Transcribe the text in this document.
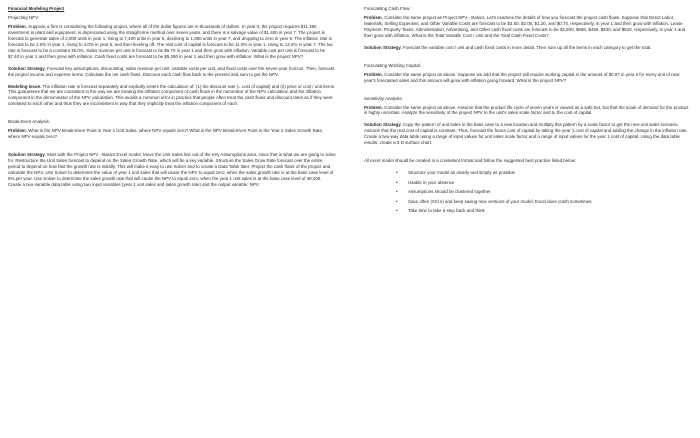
Financial Modeling Project

Projecting NPV:

Problem. Suppose a firm is considering the following project, where all of the dollar figures are in thousands of dollars. In year 0, the project requires $11,350 investment in plant and equipment, is depreciated using the straight-line method over seven years, and there is a salvage value of $1,400 in year 7. The project is forecast to generate sales of 2,000 units in year 1, rising to 7,400 units in year 5, declining to 1,800 units in year 7, and dropping to zero in year 8. The inflation rate is forecast to be 2.0% in year 1, rising to 4.0% in year 5, and then leveling off. The real cost of capital is forecast to be 11.0% in year 1, rising to 12.2% in year 7. The tax rate is forecast to be a constant 35.0%. Sales revenue per unit is forecast to be $9.70 in year 1 and then grow with inflation. Variable cost per unit is forecast to be $7.40 in year 1 and then grow with inflation. Cash fixed costs are forecast to be $5,280 in year 1 and then grow with inflation. What is the project NPV?

Solution Strategy. Forecast key assumptions, discounting, sales revenue per unit, variable costs per unit, and fixed costs over the seven-year horizon. Then, forecast the project income and expense items. Calculate the net cash flows. Discount each cash flow back to the present and sum to get the NPV.

Modeling Issue. The inflation rate is forecast separately and explicitly enters the calculation of: (1) the discount rate (= cost of capital) and (2) price or cost / unit items. This guarantees that we are consistent in the way we are treating the inflation component of cash flows in the numerator of the NPV calculation and the inflation component in the denominator of the NPV calculation. This avoids a common error in practice that people often treat the cash flows and discount rates as if they were unrelated to each other and thus they are inconsistent in way that they implicitly treat the inflation component of each.

Break-Even Analysis:

Problem. What is the NPV Break-Even Point in Year 1 Unit Sales, where NPV equals zero? What is the NPV Break-Even Point in the Year 2 Sales Growth Rate, where NPV equals zero?

Solution Strategy. Start with the Project NPV - Basics Excel model. Move the Unit Sales line out of the Key Assumptions area, since that is what we are going to solve for. Restructure the Unit Sales forecast to depend on the Sales Growth Rate, which will be a key variable. Structure the Sales Grow Rate forecast over the entire period to depend on how fast the growth rate is initially. This will make it easy to use Solver and to create a Data Table later. Project the cash flows of the project and calculate the NPV. Use Solver to determine the value of year 1 unit sales that will cause the NPV to equal zero, when the sales growth rate is at the base case level of 5% per year. Use Solver to determine the sales growth rate that will cause the NPV to equal zero, when the year 1 unit sales is at the base case level of 39,000. Create a two-variable data table using two input variables (year 1 unit sales and sales growth rate) and the output variable: NPV.

Forecasting Cash Flow:

Problem. Consider the same project as Project NPV - Basics. Let's examine the details of how you forecast the project cash flows. Suppose that Direct Labor, Materials, Selling Expenses, and Other Variable Costs are forecast to be $3.50, $2.00, $1.20, and $0.70, respectively, in year 1 and then grow with inflation. Lease Payment, Property Taxes, Administration, Advertising, and Other cash fixed costs are forecast to be $2,800, $580, $450, $930, and $520, respectively, in year 1 and then grow with inflation. What is the Total Variable Cost / Unit and the Total Cash Fixed Costs?

Solution Strategy. Forecast the variable cost / unit and cash fixed costs in more detail. Then sum up all the items in each category to get the total.

Forecasting Working Capital:

Problem. Consider the same project as above. Suppose we add that the project will require working capital in the amount of $0.87 in year 0 for every unit of next year's forecasted sales and this amount will grow with inflation going forward. What is the project NPV?

Sensitivity Analysis:

Problem. Consider the same project as above. Assume that the product life cycle of seven years is viewed as a safe bet, but that the scale of demand for the product is highly uncertain. Analyze the sensitivity of the project NPV to the unit's sales scale factor and to the cost of capital.

Solution Strategy. Copy the pattern of unit sales in the base case to a new location and multiply this pattern by a scale factor to get the new unit sales scenario. Assume that the real cost of capital is constant. Thus, forecast the future cost of capital by taking the year 1 cost of capital and adding the change in the inflation rate. Create a two-way data table using a range of input values for unit sales scale factor and a range of input values for the year 1 cost of capital. Using the data table results, create a 3-D surface chart.

All excel model should be created in a consistent format and follow the suggested best practice listed below:

• Structure your model as clearly and simply as possible
• Usable in your absence
• Assumptions should be clustered together
• Save often (Ctrl s) and keep saving new versions of your model; Excel does crash sometimes
• Take time to take a step back and think
